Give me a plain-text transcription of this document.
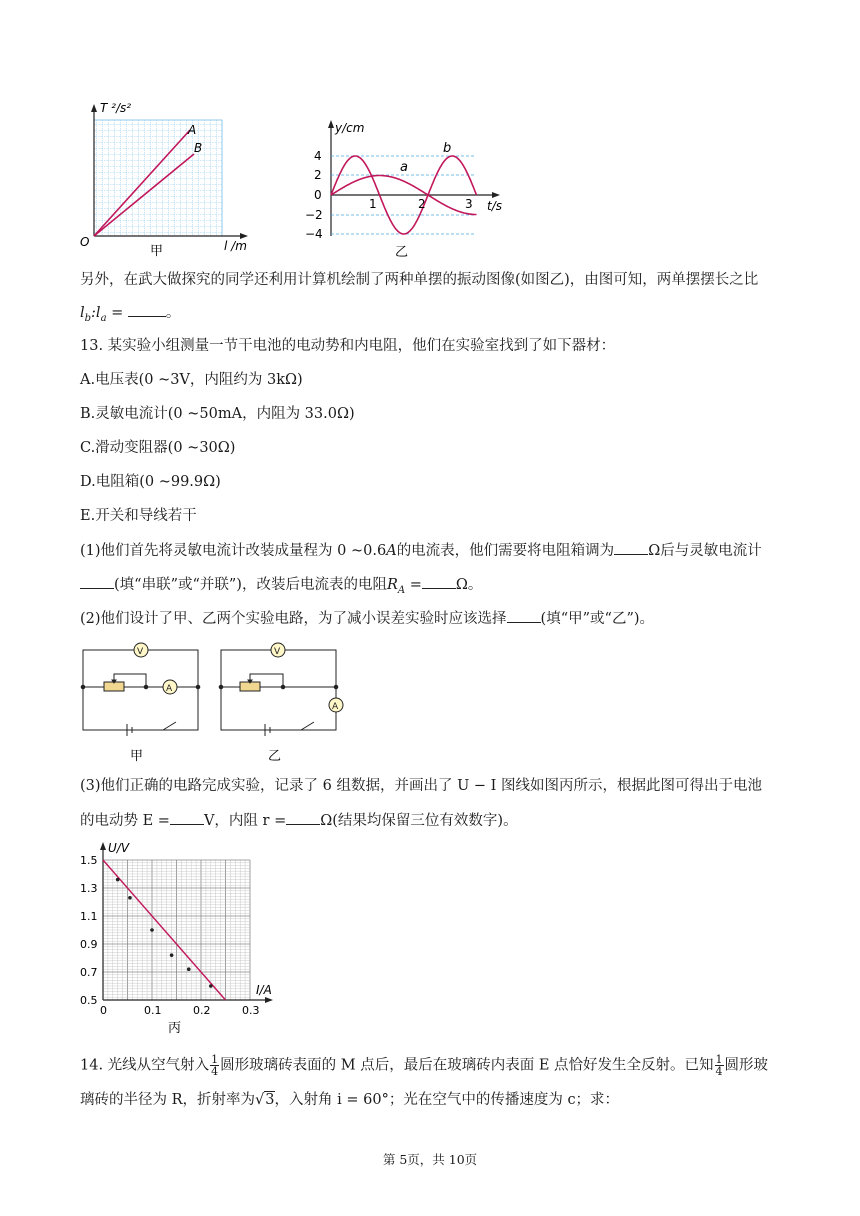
T ²/s²
A
B
O	l /m
甲
y/cm
4
2
0
−2
−4
1	2	3 t/s
a
b
乙
另外，在武大做探究的同学还利用计算机绘制了两种单摆的振动图像(如图乙)，由图可知，两单摆摆长之比
$l_b:l_a$ =	。
13. 某实验小组测量一节干电池的电动势和内电阻，他们在实验室找到了如下器材：
A.电压表(0 ~3V，内阻约为 3kΩ)
B.灵敏电流计(0 ~50mA，内阻为 33.0Ω)
C.滑动变阻器(0 ~30Ω)
D.电阻箱(0 ~99.9Ω)
E.开关和导线若干
(1)他们首先将灵敏电流计改装成量程为 0 ~0.6A的电流表，他们需要将电阻箱调为 Ω后与灵敏电流计
(填“串联”或“并联”)，改装后电流表的电阻$R_A = \Omega$。
(2)他们设计了甲、乙两个实验电路，为了减小误差实验时应该选择 (填“甲”或“乙”)。
V
A
甲
V
A
乙
(3)他们正确的电路完成实验，记录了 6 组数据，并画出了 U − I 图线如图丙所示，根据此图可得出于电池
的电动势 E = V，内阻 r = Ω(结果均保留三位有效数字)。
0	0.1	0.2	0.3
1.5
1.3
1.1
0.9
0.7
0.5
U/V
I/A
丙
14. 光线从空气射入 $\frac{1}{4}$ 圆形玻璃砖表面的 M 点后，最后在玻璃砖内表面 E 点恰好发生全反射。已知 $\frac{1}{4}$ 圆形玻
璃砖的半径为 R，折射率为√3，入射角 i = 60°；光在空气中的传播速度为 c；求：
第 5页，共 10页
